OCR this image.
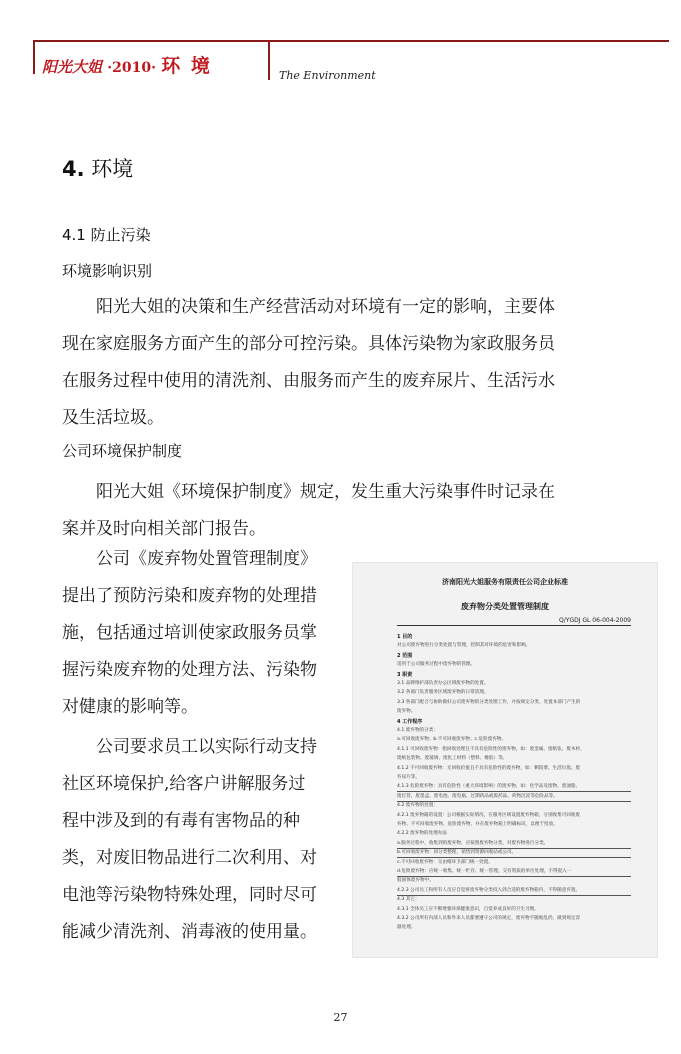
阳光大姐 ·2010· 环 境	The Environment
4. 环境
4.1 防止污染
环境影响识别
阳光大姐的决策和生产经营活动对环境有一定的影响，主要体
现在家庭服务方面产生的部分可控污染。具体污染物为家政服务员
在服务过程中使用的清洗剂、由服务而产生的废弃尿片、生活污水
及生活垃圾。
公司环境保护制度
阳光大姐《环境保护制度》规定，发生重大污染事件时记录在
案并及时向相关部门报告。
公司《废弃物处置管理制度》
提出了预防污染和废弃物的处理措
施，包括通过培训使家政服务员掌
握污染废弃物的处理方法、污染物
对健康的影响等。
公司要求员工以实际行动支持
社区环境保护,给客户讲解服务过
程中涉及到的有毒有害物品的种
类，对废旧物品进行二次利用、对
电池等污染物特殊处理，同时尽可
能减少清洗剂、消毒液的使用量。
济南阳光大姐服务有限责任公司企业标准
废弃物分类处置管理制度
Q/YGDJ GL 06-004-2009
1 目的
对公司废弃物进行分类处置与管理，控制其对环境的危害和影响。
2 范围
适用于公司服务过程中废弃物的管理。
3 职责
3.1 品牌维护部负责办公区域废弃物的处置。
3.2 各部门负责服务区域废弃物的日常清理。
3.3 各部门配合与协助做好公司废弃物的分类处理工作，并按规定分类、处置本部门产生的
废弃物。
4 工作程序
4.1 废弃物的分类：
a.可回收废弃物；b.不可回收废弃物；c.危险废弃物。
4.1.1 可回收废弃物：指回收处理且不具有危险性的废弃物，如：废金属、废纸张、废木材、
废纸包装物、废玻璃、废化工材料（塑料、橡胶）等。
4.1.2 不可回收废弃物：无回收价值且不具有危险性的废弃物，如：剩饭菜、生活垃圾、废
弃尿片等。
4.1.3 危险废弃物：具有危险性（重大环境影响）的废弃物，如：化学品及废物、废油脂、
废灯管、废墨盒、废电池、废电瓶、过期药品或废药品、药物沉淀等危险品等。
4.2 废弃物的处置：
4.2.1 废弃物箱的设置：公司根据实际情况，在服务区域设置废弃物箱，分别收集可回收废
弃物、不可回收废弃物、危险废弃物，并在废弃物箱上明确标识，以便于投放。
4.2.2 废弃物的处理办法
a.服务过程中，收集到的废弃物，应按照废弃物分类，对废弃物进行分类。
b.可回收废弃物：回分类整理，销售到资源回收站或公司。
c.不可回收废弃物：交由相环卫部门统一处置。
d.危险废弃物：应统一收集、统一贮存、统一管理，交有资质的单位处理，不得混入一
般固体废弃物中。
4.2.3 公司员工和所有人员应自觉将废弃物分类投入到合适的废弃物箱内，不得随意弃置。
4.3 其它：
4.3.1 全体员工应不断增强环保健康意识，自觉养成良好的卫生习惯。
4.3.2 公司所有内部人员和外来人员都要遵守公司的规定，废弃物不随地乱扔，做到规定容
器处理。
27
